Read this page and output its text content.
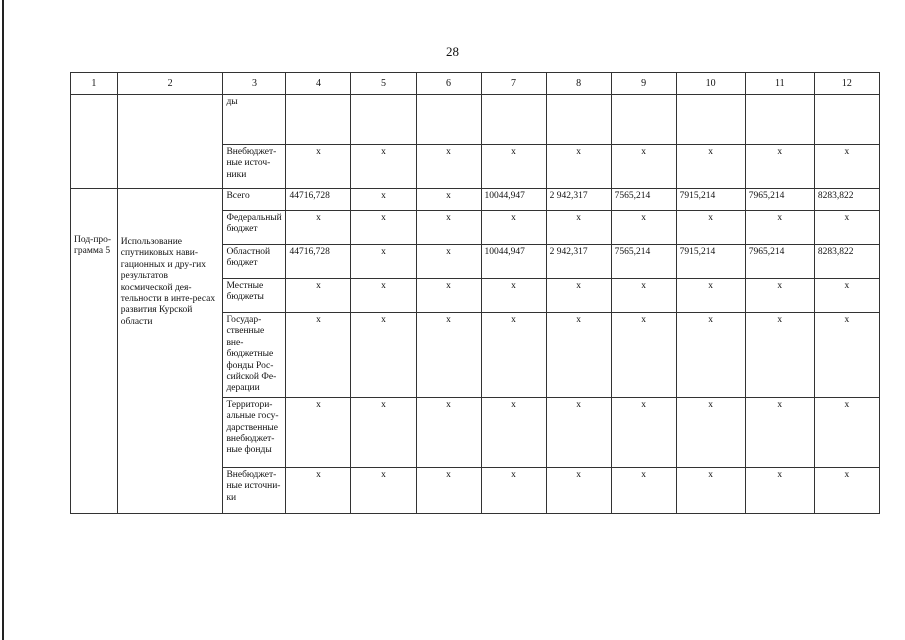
28
1	2	3	4	5	6	7	8	9	10	11	12
		ды									
		Внебюджет-ные источ-ники	x	x	x	x	x	x	x	x	x
Под-про-грамма 5	Использование спутниковых нави-гационных и дру-гих результатов космической дея-тельности в инте-ресах развития Курской области	Всего	44716,728	x	x	10044,947	2 942,317	7565,214	7915,214	7965,214	8283,822
		Федеральный бюджет	x	x	x	x	x	x	x	x	x
		Областной бюджет	44716,728	x	x	10044,947	2 942,317	7565,214	7915,214	7965,214	8283,822
		Местные бюджеты	x	x	x	x	x	x	x	x	x
		Государ-ственные вне-бюджетные фонды Рос-сийской Фе-дерации	x	x	x	x	x	x	x	x	x
		Территори-альные госу-дарственные внебюджет-ные фонды	x	x	x	x	x	x	x	x	x
		Внебюджет-ные источни-ки	x	x	x	x	x	x	x	x	x
